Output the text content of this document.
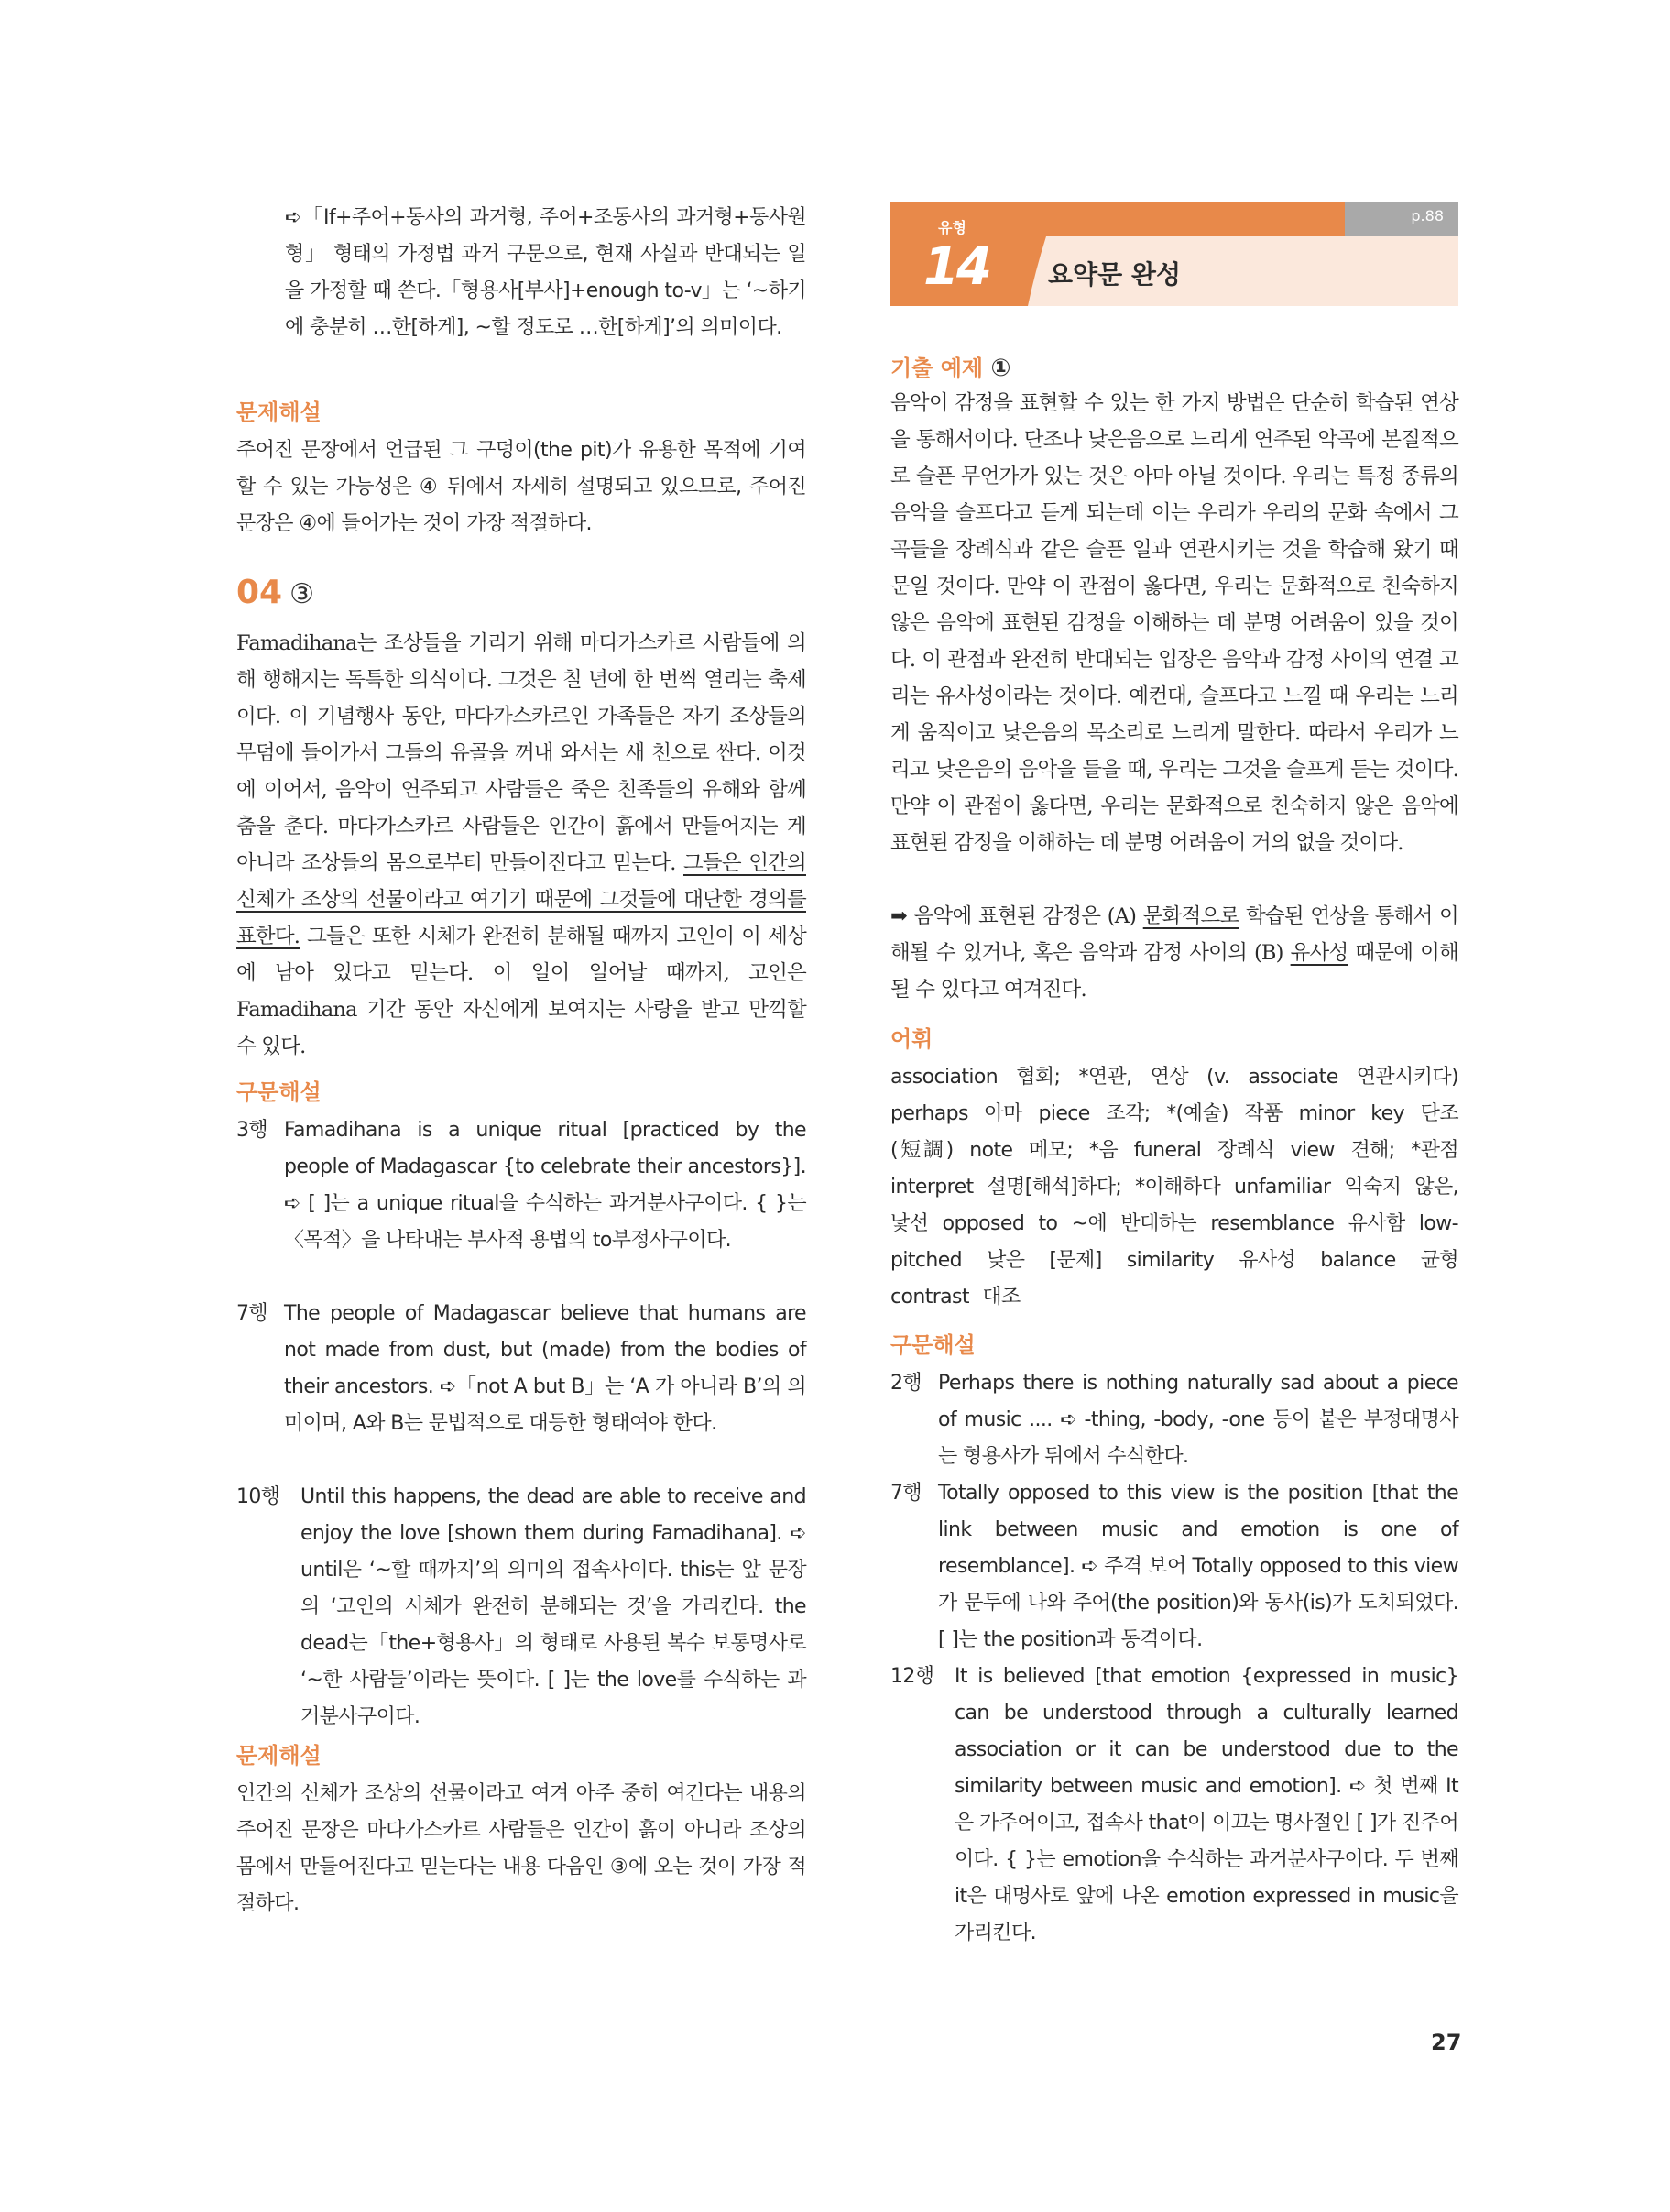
➪「If+주어+동사의 과거형, 주어+조동사의 과거형+동사원형」 형태의 가정법 과거 구문으로, 현재 사실과 반대되는 일을 가정할 때 쓴다.「형용사[부사]+enough to-v」는 ‘~하기에 충분히 …한[하게], ~할 정도로 …한[하게]’의 의미이다.

문제해설

주어진 문장에서 언급된 그 구덩이(the pit)가 유용한 목적에 기여할 수 있는 가능성은 ④ 뒤에서 자세히 설명되고 있으므로, 주어진 문장은 ④에 들어가는 것이 가장 적절하다.

04 ③

Famadihana는 조상들을 기리기 위해 마다가스카르 사람들에 의해 행해지는 독특한 의식이다. 그것은 칠 년에 한 번씩 열리는 축제이다. 이 기념행사 동안, 마다가스카르인 가족들은 자기 조상들의 무덤에 들어가서 그들의 유골을 꺼내 와서는 새 천으로 싼다. 이것에 이어서, 음악이 연주되고 사람들은 죽은 친족들의 유해와 함께 춤을 춘다. 마다가스카르 사람들은 인간이 흙에서 만들어지는 게 아니라 조상들의 몸으로부터 만들어진다고 믿는다. 그들은 인간의 신체가 조상의 선물이라고 여기기 때문에 그것들에 대단한 경의를 표한다. 그들은 또한 시체가 완전히 분해될 때까지 고인이 이 세상에 남아 있다고 믿는다. 이 일이 일어날 때까지, 고인은 Famadihana 기간 동안 자신에게 보여지는 사랑을 받고 만끽할 수 있다.

구문해설
3행 Famadihana is a unique ritual [practiced by the people of Madagascar {to celebrate their ancestors}]. ➪ [ ]는 a unique ritual을 수식하는 과거분사구이다. { }는 〈목적〉을 나타내는 부사적 용법의 to부정사구이다.

7행 The people of Madagascar believe that humans are not made from dust, but (made) from the bodies of their ancestors. ➪「not A but B」는 ‘A 가 아니라 B’의 의미이며, A와 B는 문법적으로 대등한 형태여야 한다.

10행	Until this happens, the dead are able to receive and enjoy the love [shown them during Famadihana]. ➪ until은 ‘~할 때까지’의 의미의 접속사이다. this는 앞 문장의 ‘고인의 시체가 완전히 분해되는 것’을 가리킨다. the dead는「the+형용사」의 형태로 사용된 복수 보통명사로 ‘~한 사람들’이라는 뜻이다. [ ]는 the love를 수식하는 과거분사구이다.

문제해설

인간의 신체가 조상의 선물이라고 여겨 아주 중히 여긴다는 내용의 주어진 문장은 마다가스카르 사람들은 인간이 흙이 아니라 조상의 몸에서 만들어진다고 믿는다는 내용 다음인 ③에 오는 것이 가장 적절하다.

p.88
유형
14 요약문 완성
기출 예제 ①

음악이 감정을 표현할 수 있는 한 가지 방법은 단순히 학습된 연상을 통해서이다. 단조나 낮은음으로 느리게 연주된 악곡에 본질적으로 슬픈 무언가가 있는 것은 아마 아닐 것이다. 우리는 특정 종류의 음악을 슬프다고 듣게 되는데 이는 우리가 우리의 문화 속에서 그 곡들을 장례식과 같은 슬픈 일과 연관시키는 것을 학습해 왔기 때문일 것이다. 만약 이 관점이 옳다면, 우리는 문화적으로 친숙하지 않은 음악에 표현된 감정을 이해하는 데 분명 어려움이 있을 것이다. 이 관점과 완전히 반대되는 입장은 음악과 감정 사이의 연결 고리는 유사성이라는 것이다. 예컨대, 슬프다고 느낄 때 우리는 느리게 움직이고 낮은음의 목소리로 느리게 말한다. 따라서 우리가 느리고 낮은음의 음악을 들을 때, 우리는 그것을 슬프게 듣는 것이다. 만약 이 관점이 옳다면, 우리는 문화적으로 친숙하지 않은 음악에 표현된 감정을 이해하는 데 분명 어려움이 거의 없을 것이다.

➡ 음악에 표현된 감정은 (A) 문화적으로 학습된 연상을 통해서 이해될 수 있거나, 혹은 음악과 감정 사이의 (B) 유사성 때문에 이해될 수 있다고 여겨진다.

어휘

association 협회; *연관, 연상 (v. associate 연관시키다) perhaps 아마 piece 조각; *(예술) 작품 minor key 단조(短調) note 메모; *음 funeral 장례식 view 견해; *관점 interpret 설명[해석]하다; *이해하다 unfamiliar 익숙지 않은, 낯선 opposed to ~에 반대하는 resemblance 유사함 low-pitched 낮은 [문제] similarity 유사성 balance 균형 contrast 대조

구문해설
2행 Perhaps there is nothing naturally sad about a piece of music .... ➪ -thing, -body, -one 등이 붙은 부정대명사는 형용사가 뒤에서 수식한다.

7행 Totally opposed to this view is the position [that the link between music and emotion is one of resemblance]. ➪ 주격 보어 Totally opposed to this view가 문두에 나와 주어(the position)와 동사(is)가 도치되었다. [ ]는 the position과 동격이다.

12행	It is believed [that emotion {expressed in music} can be understood through a culturally learned association or it can be understood due to the similarity between music and emotion]. ➪ 첫 번째 It은 가주어이고, 접속사 that이 이끄는 명사절인 [ ]가 진주어이다. { }는 emotion을 수식하는 과거분사구이다. 두 번째 it은 대명사로 앞에 나온 emotion expressed in music을 가리킨다.

27
